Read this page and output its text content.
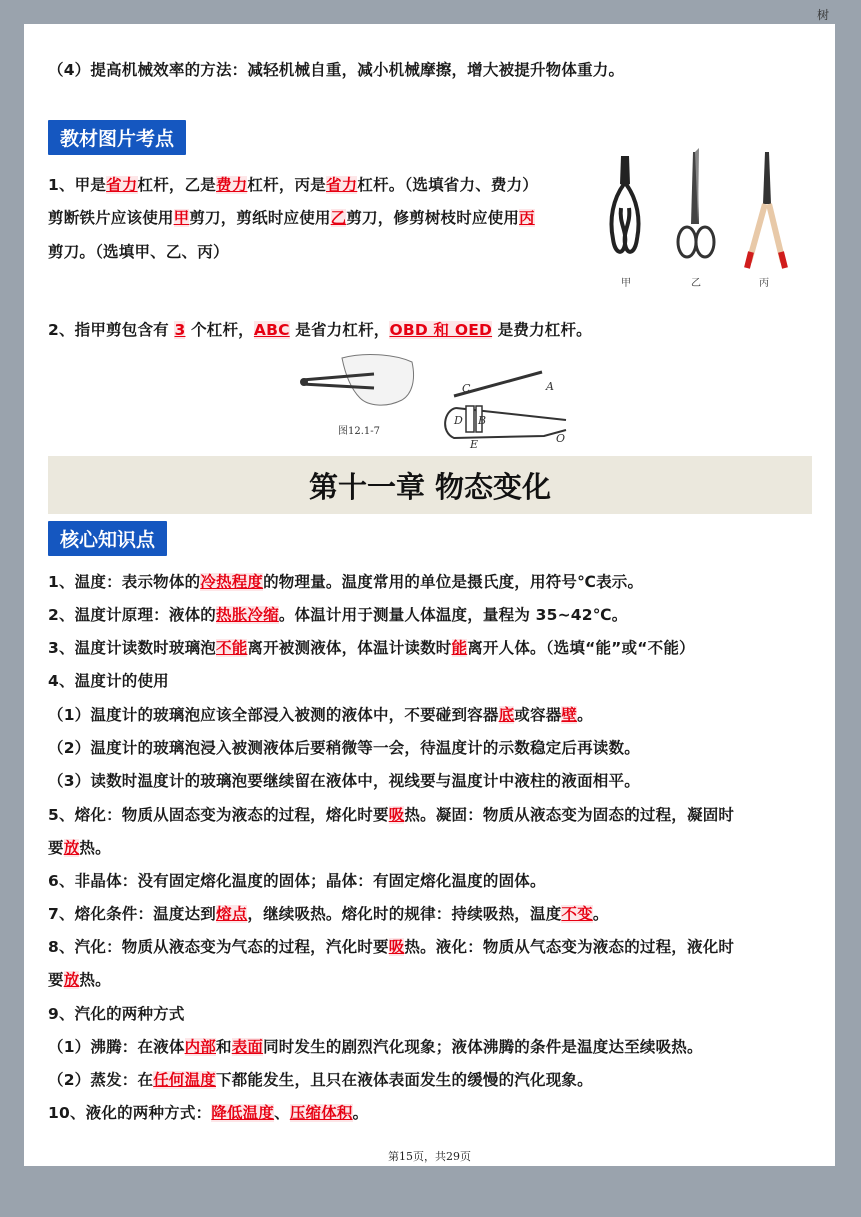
树
（4）提高机械效率的方法：减轻机械自重，减小机械摩擦，增大被提升物体重力。
教材图片考点
1、甲是省力杠杆，乙是费力杠杆，丙是省力杠杆。（选填省力、费力）
剪断铁片应该使用甲剪刀，剪纸时应使用乙剪刀，修剪树枝时应使用丙
剪刀。（选填甲、乙、丙）
甲	乙	丙
2、指甲剪包含有 3 个杠杆，ABC 是省力杠杆，OBD 和 OED 是费力杠杆。
图12.1-7
C	A
D B
E	O
第十一章 物态变化
核心知识点
1、温度：表示物体的冷热程度的物理量。温度常用的单位是摄氏度，用符号℃表示。
2、温度计原理：液体的热胀冷缩。体温计用于测量人体温度，量程为 35~42℃。
3、温度计读数时玻璃泡不能离开被测液体，体温计读数时能离开人体。（选填“能”或“不能）
4、温度计的使用
（1）温度计的玻璃泡应该全部浸入被测的液体中，不要碰到容器底或容器壁。
（2）温度计的玻璃泡浸入被测液体后要稍微等一会，待温度计的示数稳定后再读数。
（3）读数时温度计的玻璃泡要继续留在液体中，视线要与温度计中液柱的液面相平。
5、熔化：物质从固态变为液态的过程，熔化时要吸热。凝固：物质从液态变为固态的过程，凝固时
要放热。
6、非晶体：没有固定熔化温度的固体；晶体：有固定熔化温度的固体。
7、熔化条件：温度达到熔点，继续吸热。熔化时的规律：持续吸热，温度不变。
8、汽化：物质从液态变为气态的过程，汽化时要吸热。液化：物质从气态变为液态的过程，液化时
要放热。
9、汽化的两种方式
（1）沸腾：在液体内部和表面同时发生的剧烈汽化现象；液体沸腾的条件是温度达至续吸热。
（2）蒸发：在任何温度下都能发生，且只在液体表面发生的缓慢的汽化现象。
10、液化的两种方式：降低温度、压缩体积。
第15页，共29页
